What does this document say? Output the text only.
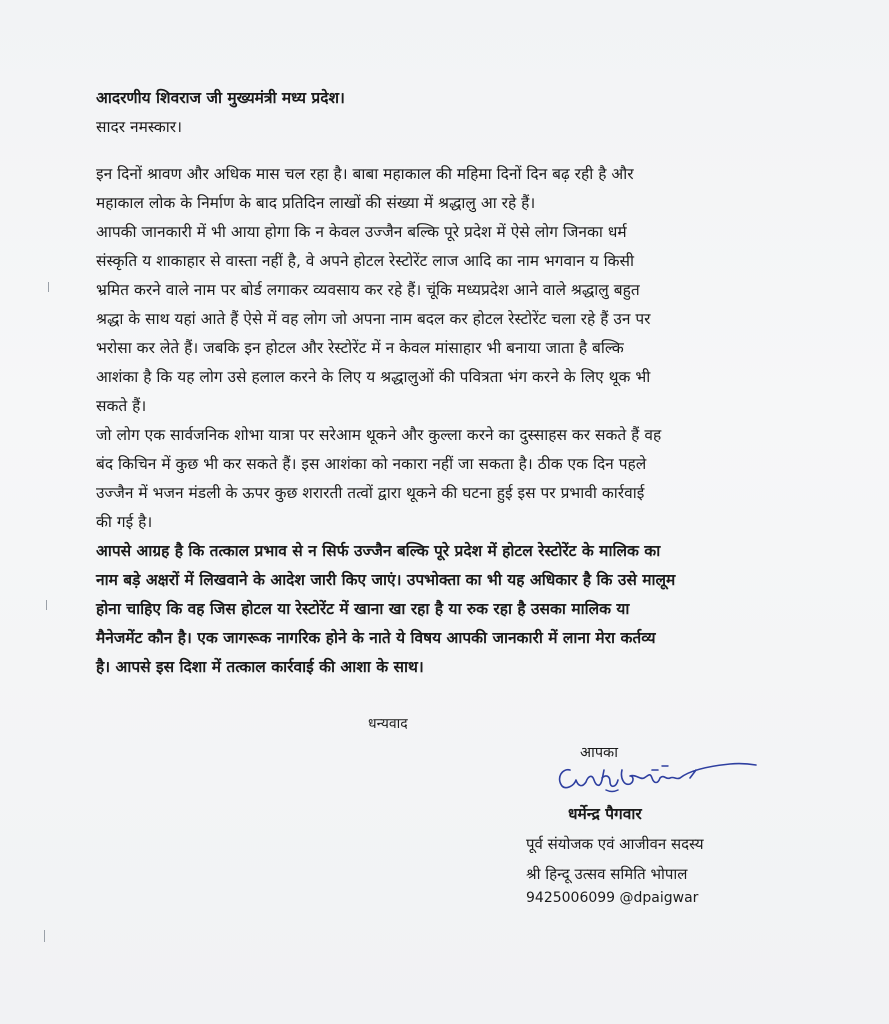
आदरणीय शिवराज जी मुख्यमंत्री मध्य प्रदेश।
सादर नमस्कार।
इन दिनों श्रावण और अधिक मास चल रहा है। बाबा महाकाल की महिमा दिनों दिन बढ़ रही है और
महाकाल लोक के निर्माण के बाद प्रतिदिन लाखों की संख्या में श्रद्धालु आ रहे हैं।
आपकी जानकारी में भी आया होगा कि न केवल उज्जैन बल्कि पूरे प्रदेश में ऐसे लोग जिनका धर्म
संस्कृति य शाकाहार से वास्ता नहीं है, वे अपने होटल रेस्टोरेंट लाज आदि का नाम भगवान य किसी
भ्रमित करने वाले नाम पर बोर्ड लगाकर व्यवसाय कर रहे हैं। चूंकि मध्यप्रदेश आने वाले श्रद्धालु बहुत
श्रद्धा के साथ यहां आते हैं ऐसे में वह लोग जो अपना नाम बदल कर होटल रेस्टोरेंट चला रहे हैं उन पर
भरोसा कर लेते हैं। जबकि इन होटल और रेस्टोरेंट में न केवल मांसाहार भी बनाया जाता है बल्कि
आशंका है कि यह लोग उसे हलाल करने के लिए य श्रद्धालुओं की पवित्रता भंग करने के लिए थूक भी
सकते हैं।
जो लोग एक सार्वजनिक शोभा यात्रा पर सरेआम थूकने और कुल्ला करने का दुस्साहस कर सकते हैं वह
बंद किचिन में कुछ भी कर सकते हैं। इस आशंका को नकारा नहीं जा सकता है। ठीक एक दिन पहले
उज्जैन में भजन मंडली के ऊपर कुछ शरारती तत्वों द्वारा थूकने की घटना हुई इस पर प्रभावी कार्रवाई
की गई है।
आपसे आग्रह है कि तत्काल प्रभाव से न सिर्फ उज्जैन बल्कि पूरे प्रदेश में होटल रेस्टोरेंट के मालिक का
नाम बड़े अक्षरों में लिखवाने के आदेश जारी किए जाएं। उपभोक्ता का भी यह अधिकार है कि उसे मालूम
होना चाहिए कि वह जिस होटल या रेस्टोरेंट में खाना खा रहा है या रुक रहा है उसका मालिक या
मैनेजमेंट कौन है। एक जागरूक नागरिक होने के नाते ये विषय आपकी जानकारी में लाना मेरा कर्तव्य
है। आपसे इस दिशा में तत्काल कार्रवाई की आशा के साथ।
धन्यवाद
आपका
धर्मेन्द्र पैगवार
पूर्व संयोजक एवं आजीवन सदस्य
श्री हिन्दू उत्सव समिति भोपाल
9425006099 @dpaigwar
